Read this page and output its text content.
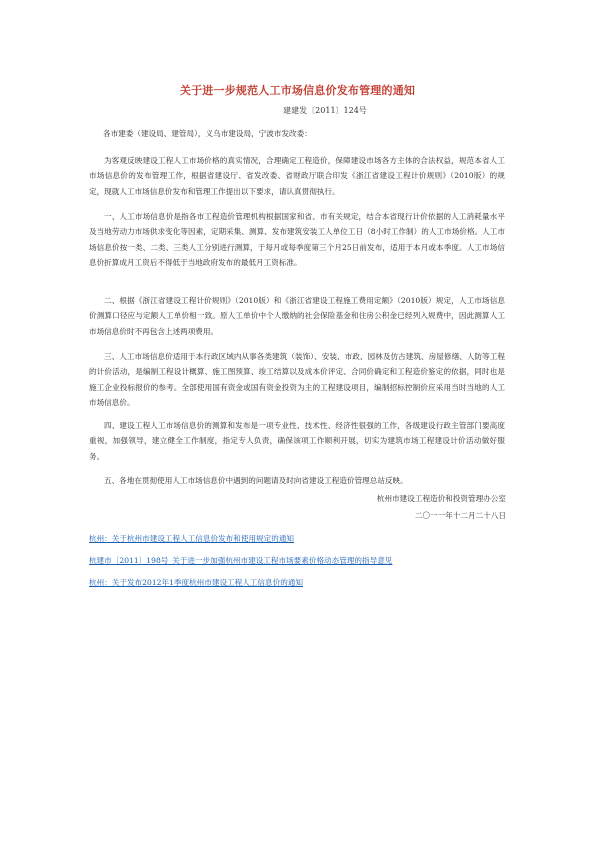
关于进一步规范人工市场信息价发布管理的通知
建建发〔2011〕124号
各市建委（建设局、建管局），义乌市建设局，宁波市发改委：
为客观反映建设工程人工市场价格的真实情况，合理确定工程造价，保障建设市场各方主体的合法权益，规范本省人工市场信息价的发布管理工作，根据省建设厅、省发改委、省财政厅联合印发《浙江省建设工程计价规则》（2010版）的规定，现就人工市场信息价发布和管理工作提出以下要求，请认真贯彻执行。
一、人工市场信息价是指各市工程造价管理机构根据国家和省、市有关规定，结合本省现行计价依据的人工消耗量水平及当地劳动力市场供求变化等因素，定期采集、测算、发布建筑安装工人单位工日（8小时工作制）的人工市场价格。人工市场信息价按一类、二类、三类人工分别进行测算，于每月或每季度第三个月25日前发布，适用于本月或本季度。人工市场信息价折算成月工资后不得低于当地政府发布的最低月工资标准。
二、根据《浙江省建设工程计价规则》（2010版）和《浙江省建设工程施工费用定额》（2010版）规定，人工市场信息价测算口径应与定额人工单价相一致。原人工单价中个人缴纳的社会保险基金和住房公积金已经列入规费中，因此测算人工市场信息价时不再包含上述两项费用。
三、人工市场信息价适用于本行政区域内从事各类建筑（装饰）、安装、市政、园林及仿古建筑、房屋修缮、人防等工程的计价活动，是编制工程设计概算、施工图预算、竣工结算以及成本价评定、合同价确定和工程造价鉴定的依据，同时也是施工企业投标报价的参考。全部使用国有资金或国有资金投资为主的工程建设项目，编制招标控制价应采用当时当地的人工市场信息价。
四、建设工程人工市场信息价的测算和发布是一项专业性、技术性、经济性很强的工作，各级建设行政主管部门要高度重视，加强领导，建立健全工作制度，指定专人负责，确保该项工作顺利开展，切实为建筑市场工程建设计价活动做好服务。
五、各地在贯彻使用人工市场信息价中遇到的问题请及时向省建设工程造价管理总站反映。
杭州市建设工程造价和投资管理办公室
二〇一一年十二月二十八日
杭州：关于杭州市建设工程人工信息价发布和使用规定的通知
杭建市〔2011〕198号_关于进一步加强杭州市建设工程市场要素价格动态管理的指导意见
杭州：关于发布2012年1季度杭州市建设工程人工信息价的通知
